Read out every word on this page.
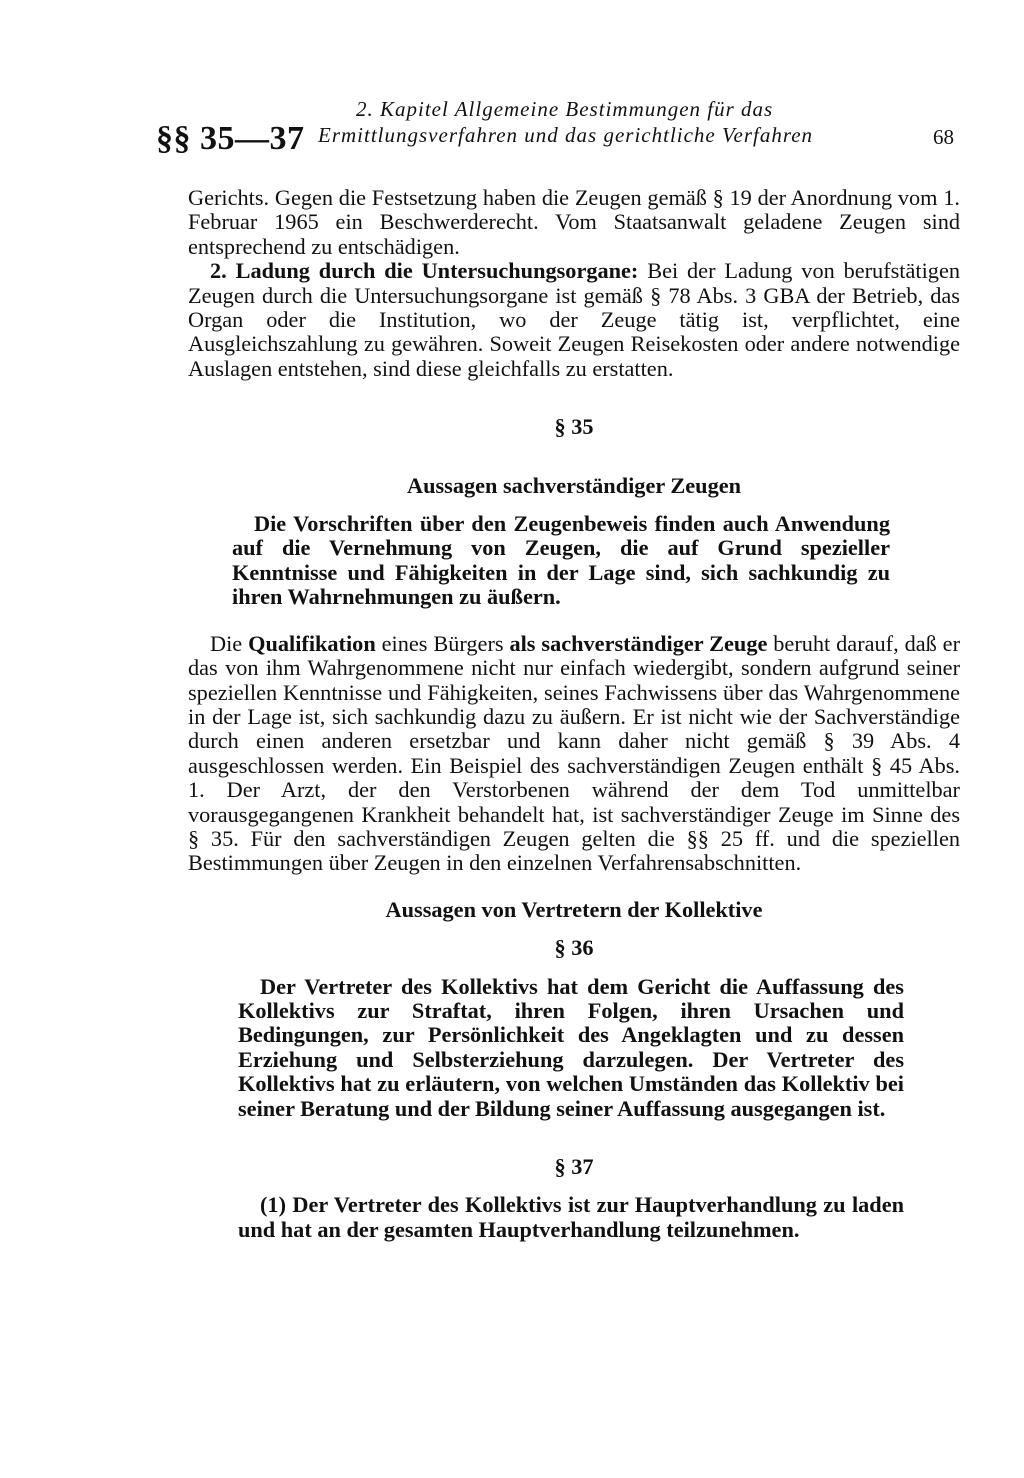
§§ 35—37
2. Kapitel Allgemeine Bestimmungen für das
Ermittlungsverfahren und das gerichtliche Verfahren	68

Gerichts. Gegen die Festsetzung haben die Zeugen gemäß § 19 der Anordnung vom 1. Februar 1965 ein Beschwerderecht. Vom Staatsanwalt geladene Zeugen sind entsprechend zu entschädigen.

2. Ladung durch die Untersuchungsorgane: Bei der Ladung von berufstätigen Zeugen durch die Untersuchungsorgane ist gemäß § 78 Abs. 3 GBA der Betrieb, das Organ oder die Institution, wo der Zeuge tätig ist, verpflichtet, eine Ausgleichszahlung zu gewähren. Soweit Zeugen Reisekosten oder andere notwendige Auslagen entstehen, sind diese gleichfalls zu erstatten.

§ 35

Aussagen sachverständiger Zeugen

Die Vorschriften über den Zeugenbeweis finden auch Anwendung auf die Vernehmung von Zeugen, die auf Grund spezieller Kenntnisse und Fähigkeiten in der Lage sind, sich sachkundig zu ihren Wahrnehmungen zu äußern.

Die Qualifikation eines Bürgers als sachverständiger Zeuge beruht darauf, daß er das von ihm Wahrgenommene nicht nur einfach wiedergibt, sondern aufgrund seiner speziellen Kenntnisse und Fähigkeiten, seines Fachwissens über das Wahrgenommene in der Lage ist, sich sachkundig dazu zu äußern. Er ist nicht wie der Sachverständige durch einen anderen ersetzbar und kann daher nicht gemäß § 39 Abs. 4 ausgeschlossen werden. Ein Beispiel des sachverständigen Zeugen enthält § 45 Abs. 1. Der Arzt, der den Verstorbenen während der dem Tod unmittelbar vorausgegangenen Krankheit behandelt hat, ist sachverständiger Zeuge im Sinne des § 35. Für den sachverständigen Zeugen gelten die §§ 25 ff. und die speziellen Bestimmungen über Zeugen in den einzelnen Verfahrensabschnitten.

Aussagen von Vertretern der Kollektive

§ 36

Der Vertreter des Kollektivs hat dem Gericht die Auffassung des Kollektivs zur Straftat, ihren Folgen, ihren Ursachen und Bedingungen, zur Persönlichkeit des Angeklagten und zu dessen Erziehung und Selbsterziehung darzulegen. Der Vertreter des Kollektivs hat zu erläutern, von welchen Umständen das Kollektiv bei seiner Beratung und der Bildung seiner Auffassung ausgegangen ist.

§ 37

(1) Der Vertreter des Kollektivs ist zur Hauptverhandlung zu laden und hat an der gesamten Hauptverhandlung teilzunehmen.
